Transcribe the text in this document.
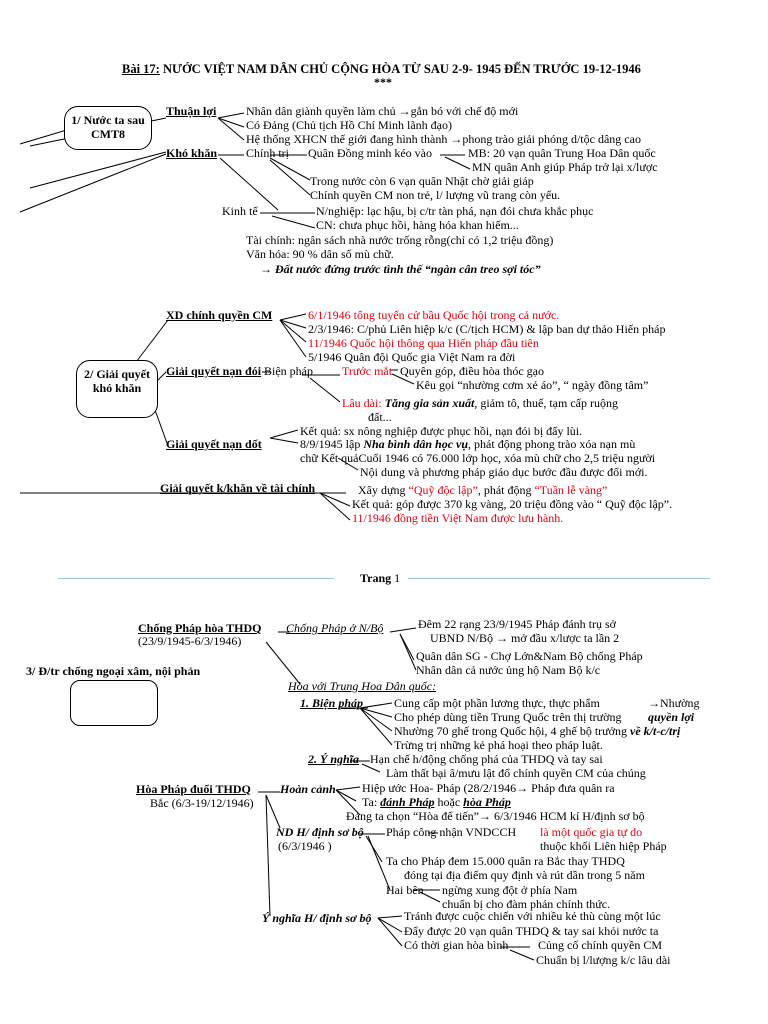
Bài 17: NƯỚC VIỆT NAM DÂN CHỦ CỘNG HÒA TỪ SAU 2-9- 1945 ĐẾN TRƯỚC 19-12-1946
***
1/ Nước ta sau CMT8
Thuận lợi Nhân dân giành quyền làm chủ →gắn bó với chế độ mới
Có Đảng (Chủ tịch Hồ Chí Minh lãnh đạo)
Hệ thống XHCN thế giới đang hình thành →phong trào giải phóng d/tộc dâng cao
Khó khăn Chính trị Quân Đồng minh kéo vào	MB: 20 vạn quân Trung Hoa Dân quốc
MN quân Anh giúp Pháp trở lại x/lược
Trong nước còn 6 vạn quân Nhật chờ giải giáp
Chính quyền CM non trẻ, l/ lượng vũ trang còn yếu.
Kinh tế	N/nghiệp: lạc hậu, bị c/tr tàn phá, nạn đói chưa khắc phục
CN: chưa phục hồi, hàng hóa khan hiếm...
Tài chính: ngân sách nhà nước trống rỗng(chỉ có 1,2 triệu đồng)
Văn hóa: 90 % dân số mù chữ.
→ Đất nước đứng trước tình thế “ngàn cân treo sợi tóc”
2/ Giải quyết khó khăn
XD chính quyền CM	6/1/1946 tổng tuyển cử bầu Quốc hội trong cả nước.
2/3/1946: C/phủ Liên hiệp k/c (C/tịch HCM) & lập ban dự thảo Hiến pháp
11/1946 Quốc hội thông qua Hiến pháp đầu tiên
5/1946 Quân đội Quốc gia Việt Nam ra đời
Giải quyết nạn đói Biện pháp Trước mắt Quyên góp, điều hòa thóc gạo
Kêu gọi “nhường cơm xẻ áo”, “ ngày đồng tâm”
Lâu dài: Tăng gia sản xuất, giảm tô, thuế, tạm cấp ruộng
đất...
Kết quả: sx nông nghiệp được phục hồi, nạn đói bị đẩy lùi.
Giải quyết nạn dốt	8/9/1945 lập Nha bình dân học vụ, phát động phong trào xóa nạn mù
chữ Kết quảCuối 1946 có 76.000 lớp học, xóa mù chữ cho 2,5 triệu người
Nội dung và phương pháp giáo dục bước đầu được đổi mới.
Giải quyết k/khăn về tài chính	Xây dựng “Quỹ độc lập”, phát động “Tuần lễ vàng”
Kết quả: góp được 370 kg vàng, 20 triệu đồng vào “ Quỹ độc lập”.
11/1946 đồng tiền Việt Nam được lưu hành.
Trang 1
3/ Đ/tr chống ngoại xâm, nội phản
Chống Pháp hòa THDQ
(23/9/1945-6/3/1946)
Chống Pháp ở N/Bộ	Đêm 22 rạng 23/9/1945 Pháp đánh trụ sở
UBND N/Bộ → mở đầu x/lược ta lần 2
Quân dân SG - Chợ Lớn&Nam Bộ chống Pháp
Nhân dân cả nước ủng hộ Nam Bộ k/c
Hòa với Trung Hoa Dân quốc:
1. Biện pháp	Cung cấp một phần lương thực, thực phẩm	→Nhường
Cho phép dùng tiền Trung Quốc trên thị trường quyền lợi
Nhường 70 ghế trong Quốc hội, 4 ghế bộ trưởng về k/t-c/trị
Trừng trị những kẻ phá hoại theo pháp luật.
2. Ý nghĩa Hạn chế h/động chống phá của THDQ và tay sai
Làm thất bại â/mưu lật đổ chính quyền CM của chúng
Hòa Pháp đuổi THDQ
Bắc (6/3-19/12/1946)
Hoàn cảnh Hiệp ước Hoa- Pháp (28/2/1946→ Pháp đưa quân ra
Ta: đánh Pháp hoặc hòa Pháp
Đảng ta chọn “Hòa để tiến”→ 6/3/1946 HCM kí H/định sơ bộ
ND H/ định sơ bộ
(6/3/1946 )
Pháp công nhận VNDCCH là một quốc gia tự do
thuộc khối Liên hiệp Pháp
Ta cho Pháp đem 15.000 quân ra Bắc thay THDQ
đóng tại địa điểm quy định và rút dần trong 5 năm
Hai bên ngừng xung đột ở phía Nam
chuẩn bị cho đàm phán chính thức.
Ý nghĩa H/ định sơ bộ	Tránh được cuộc chiến với nhiều kẻ thù cùng một lúc
Đẩy được 20 vạn quân THDQ & tay sai khỏi nước ta
Có thời gian hòa bình Củng cố chính quyền CM
Chuẩn bị l/lượng k/c lâu dài
